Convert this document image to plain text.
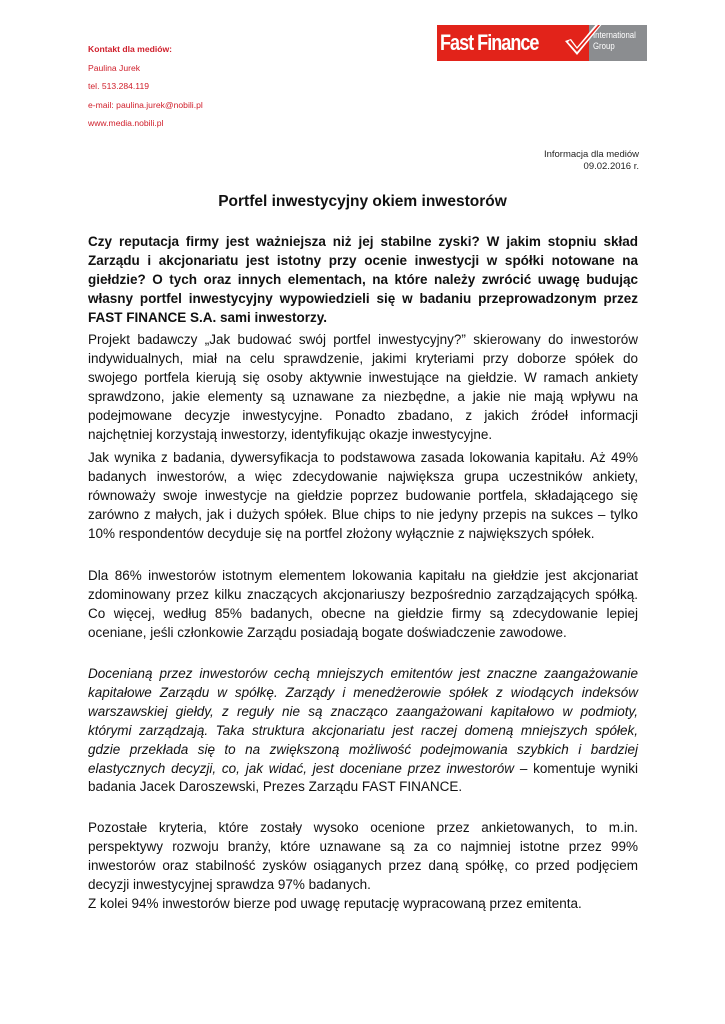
Kontakt dla mediów:
Paulina Jurek
tel. 513.284.119
e-mail: paulina.jurek@nobili.pl
www.media.nobili.pl
Fast Finance	International
Group
Informacja dla mediów
09.02.2016 r.
Portfel inwestycyjny okiem inwestorów

Czy reputacja firmy jest ważniejsza niż jej stabilne zyski? W jakim stopniu skład Zarządu i akcjonariatu jest istotny przy ocenie inwestycji w spółki notowane na giełdzie? O tych oraz innych elementach, na które należy zwrócić uwagę budując własny portfel inwestycyjny wypowiedzieli się w badaniu przeprowadzonym przez FAST FINANCE S.A. sami inwestorzy.

Projekt badawczy „Jak budować swój portfel inwestycyjny?” skierowany do inwestorów indywidualnych, miał na celu sprawdzenie, jakimi kryteriami przy doborze spółek do swojego portfela kierują się osoby aktywnie inwestujące na giełdzie. W ramach ankiety sprawdzono, jakie elementy są uznawane za niezbędne, a jakie nie mają wpływu na podejmowane decyzje inwestycyjne. Ponadto zbadano, z jakich źródeł informacji najchętniej korzystają inwestorzy, identyfikując okazje inwestycyjne.

Jak wynika z badania, dywersyfikacja to podstawowa zasada lokowania kapitału. Aż 49% badanych inwestorów, a więc zdecydowanie największa grupa uczestników ankiety, równoważy swoje inwestycje na giełdzie poprzez budowanie portfela, składającego się zarówno z małych, jak i dużych spółek. Blue chips to nie jedyny przepis na sukces – tylko 10% respondentów decyduje się na portfel złożony wyłącznie z największych spółek.

Dla 86% inwestorów istotnym elementem lokowania kapitału na giełdzie jest akcjonariat zdominowany przez kilku znaczących akcjonariuszy bezpośrednio zarządzających spółką. Co więcej, według 85% badanych, obecne na giełdzie firmy są zdecydowanie lepiej oceniane, jeśli członkowie Zarządu posiadają bogate doświadczenie zawodowe.

Docenianą przez inwestorów cechą mniejszych emitentów jest znaczne zaangażowanie kapitałowe Zarządu w spółkę. Zarządy i menedżerowie spółek z wiodących indeksów warszawskiej giełdy, z reguły nie są znacząco zaangażowani kapitałowo w podmioty, którymi zarządzają. Taka struktura akcjonariatu jest raczej domeną mniejszych spółek, gdzie przekłada się to na zwiększoną możliwość podejmowania szybkich i bardziej elastycznych decyzji, co, jak widać, jest doceniane przez inwestorów – komentuje wyniki badania Jacek Daroszewski, Prezes Zarządu FAST FINANCE.

Pozostałe kryteria, które zostały wysoko ocenione przez ankietowanych, to m.in. perspektywy rozwoju branży, które uznawane są za co najmniej istotne przez 99% inwestorów oraz stabilność zysków osiąganych przez daną spółkę, co przed podjęciem decyzji inwestycyjnej sprawdza 97% badanych.
Z kolei 94% inwestorów bierze pod uwagę reputację wypracowaną przez emitenta.
